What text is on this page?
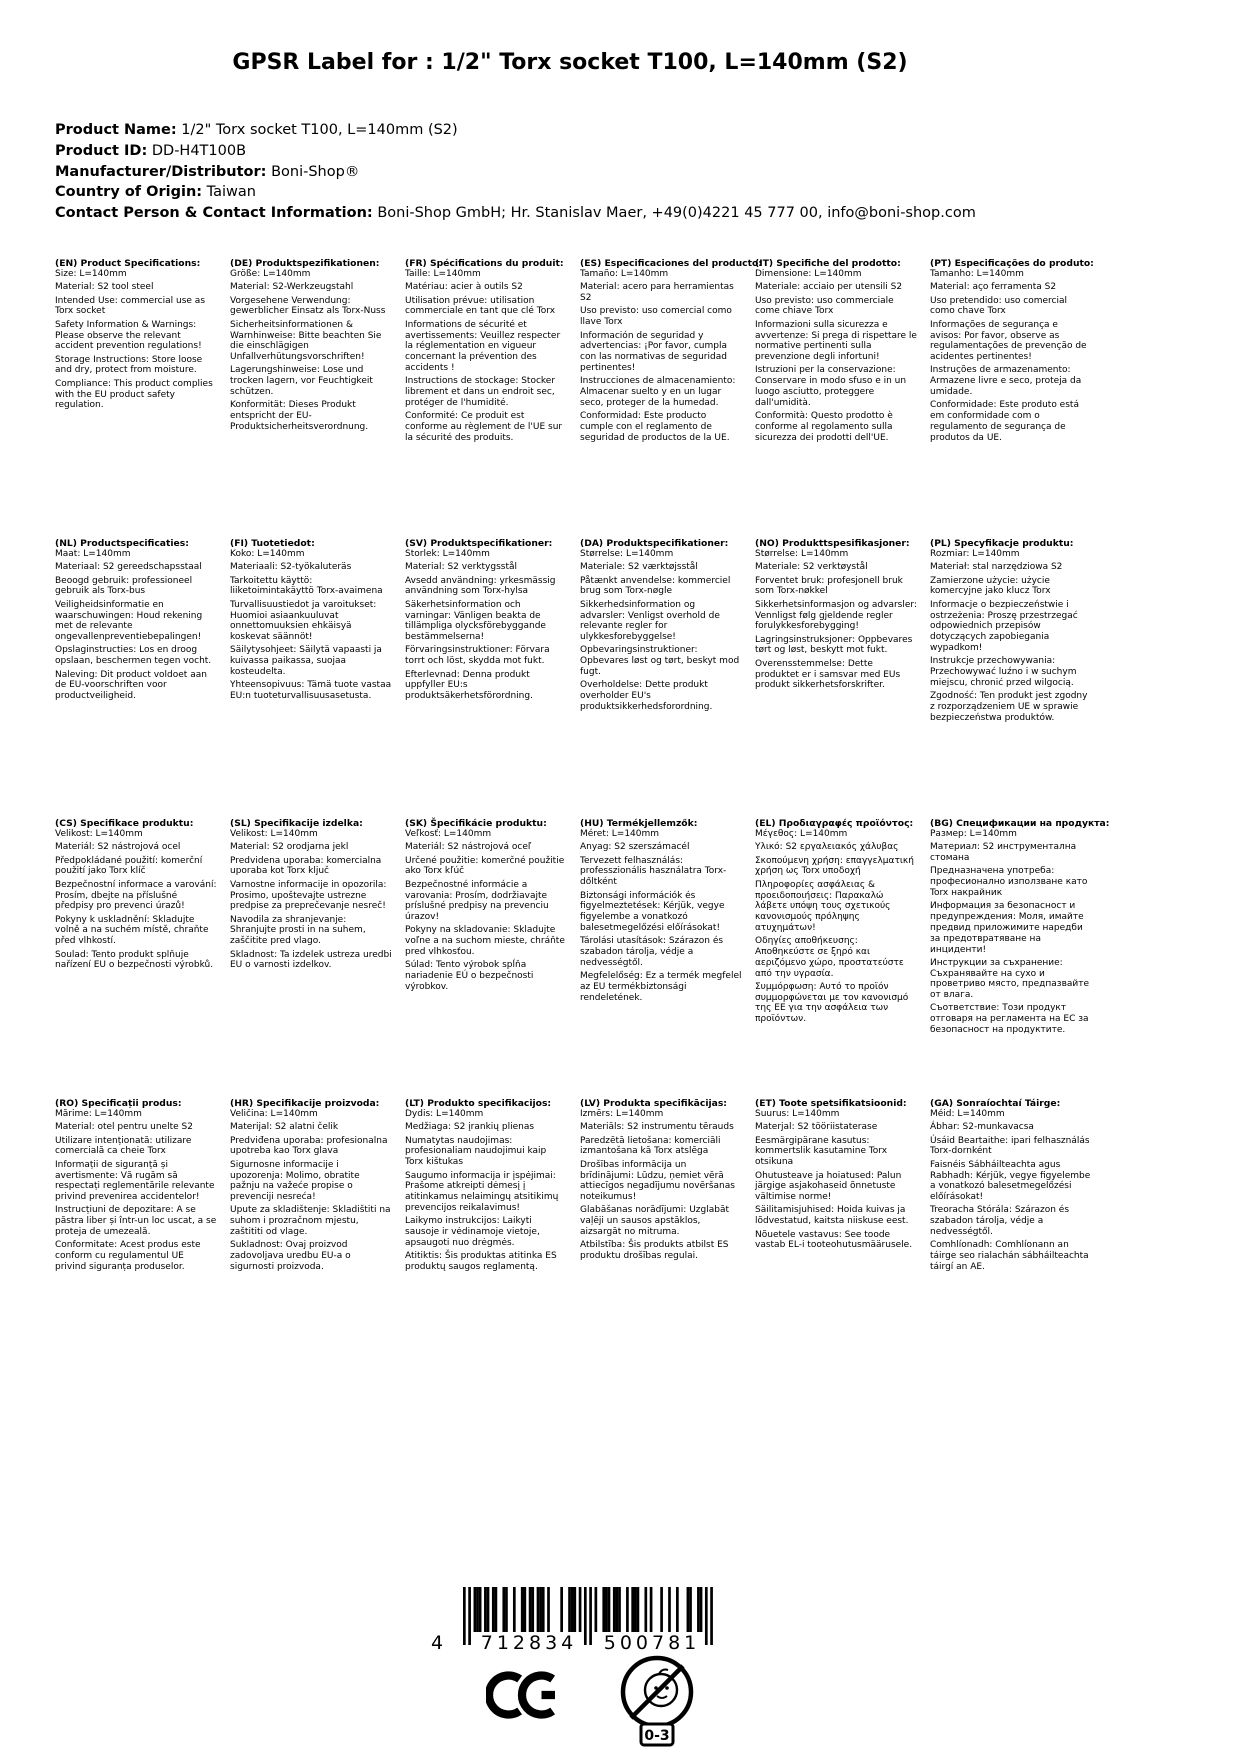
GPSR Label for : 1/2" Torx socket T100, L=140mm (S2)
Product Name: 1/2" Torx socket T100, L=140mm (S2)
Product ID: DD-H4T100B
Manufacturer/Distributor: Boni-Shop®
Country of Origin: Taiwan
Contact Person & Contact Information: Boni-Shop GmbH; Hr. Stanislav Maer, +49(0)4221 45 777 00, info@boni-shop.com
(EN) Product Specifications:

Size: L=140mm

Material: S2 tool steel

Intended Use: commercial use as Torx socket

Safety Information & Warnings: Please observe the relevant accident prevention regulations!

Storage Instructions: Store loose and dry, protect from moisture.

Compliance: This product complies with the EU product safety regulation.

(DE) Produktspezifikationen:

Größe: L=140mm

Material: S2-Werkzeugstahl

Vorgesehene Verwendung: gewerblicher Einsatz als Torx-Nuss

Sicherheitsinformationen & Warnhinweise: Bitte beachten Sie die einschlägigen Unfallverhütungsvorschriften!

Lagerungshinweise: Lose und trocken lagern, vor Feuchtigkeit schützen.

Konformität: Dieses Produkt entspricht der EU-Produktsicherheitsverordnung.

(FR) Spécifications du produit:

Taille: L=140mm

Matériau: acier à outils S2

Utilisation prévue: utilisation commerciale en tant que clé Torx

Informations de sécurité et avertissements: Veuillez respecter la réglementation en vigueur concernant la prévention des accidents !

Instructions de stockage: Stocker librement et dans un endroit sec, protéger de l'humidité.

Conformité: Ce produit est conforme au règlement de l'UE sur la sécurité des produits.

(ES) Especificaciones del producto:

Tamaño: L=140mm

Material: acero para herramientas S2

Uso previsto: uso comercial como llave Torx

Información de seguridad y advertencias: ¡Por favor, cumpla con las normativas de seguridad pertinentes!

Instrucciones de almacenamiento: Almacenar suelto y en un lugar seco, proteger de la humedad.

Conformidad: Este producto cumple con el reglamento de seguridad de productos de la UE.

(IT) Specifiche del prodotto:

Dimensione: L=140mm

Materiale: acciaio per utensili S2

Uso previsto: uso commerciale come chiave Torx

Informazioni sulla sicurezza e avvertenze: Si prega di rispettare le normative pertinenti sulla prevenzione degli infortuni!

Istruzioni per la conservazione: Conservare in modo sfuso e in un luogo asciutto, proteggere dall'umidità.

Conformità: Questo prodotto è conforme al regolamento sulla sicurezza dei prodotti dell'UE.

(PT) Especificações do produto:

Tamanho: L=140mm

Material: aço ferramenta S2

Uso pretendido: uso comercial como chave Torx

Informações de segurança e avisos: Por favor, observe as regulamentações de prevenção de acidentes pertinentes!

Instruções de armazenamento: Armazene livre e seco, proteja da umidade.

Conformidade: Este produto está em conformidade com o regulamento de segurança de produtos da UE.

(NL) Productspecificaties:

Maat: L=140mm

Materiaal: S2 gereedschapsstaal

Beoogd gebruik: professioneel gebruik als Torx-bus

Veiligheidsinformatie en waarschuwingen: Houd rekening met de relevante ongevallenpreventiebepalingen!

Opslaginstructies: Los en droog opslaan, beschermen tegen vocht.

Naleving: Dit product voldoet aan de EU-voorschriften voor productveiligheid.

(FI) Tuotetiedot:

Koko: L=140mm

Materiaali: S2-työkaluteräs

Tarkoitettu käyttö: liiketoimintakäyttö Torx-avaimena

Turvallisuustiedot ja varoitukset: Huomioi asiaankuuluvat onnettomuuksien ehkäisyä koskevat säännöt!

Säilytysohjeet: Säilytä vapaasti ja kuivassa paikassa, suojaa kosteudelta.

Yhteensopivuus: Tämä tuote vastaa EU:n tuoteturvallisuusasetusta.

(SV) Produktspecifikationer:

Storlek: L=140mm

Material: S2 verktygsstål

Avsedd användning: yrkesmässig användning som Torx-hylsa

Säkerhetsinformation och varningar: Vänligen beakta de tillämpliga olycksförebyggande bestämmelserna!

Förvaringsinstruktioner: Förvara torrt och löst, skydda mot fukt.

Efterlevnad: Denna produkt uppfyller EU:s produktsäkerhetsförordning.

(DA) Produktspecifikationer:

Størrelse: L=140mm

Materiale: S2 værktøjsstål

Påtænkt anvendelse: kommerciel brug som Torx-nøgle

Sikkerhedsinformation og advarsler: Venligst overhold de relevante regler for ulykkesforebyggelse!

Opbevaringsinstruktioner: Opbevares løst og tørt, beskyt mod fugt.

Overholdelse: Dette produkt overholder EU's produktsikkerhedsforordning.

(NO) Produkttspesifikasjoner:

Størrelse: L=140mm

Materiale: S2 verktøystål

Forventet bruk: profesjonell bruk som Torx-nøkkel

Sikkerhetsinformasjon og advarsler: Vennligst følg gjeldende regler forulykkesforebygging!

Lagringsinstruksjoner: Oppbevares tørt og løst, beskytt mot fukt.

Overensstemmelse: Dette produktet er i samsvar med EUs produkt sikkerhetsforskrifter.

(PL) Specyfikacje produktu:

Rozmiar: L=140mm

Materiał: stal narzędziowa S2

Zamierzone użycie: użycie komercyjne jako klucz Torx

Informacje o bezpieczeństwie i ostrzeżenia: Proszę przestrzegać odpowiednich przepisów dotyczących zapobiegania wypadkom!

Instrukcje przechowywania: Przechowywać luźno i w suchym miejscu, chronić przed wilgocią.

Zgodność: Ten produkt jest zgodny z rozporządzeniem UE w sprawie bezpieczeństwa produktów.

(CS) Specifikace produktu:

Velikost: L=140mm

Materiál: S2 nástrojová ocel

Předpokládané použití: komerční použití jako Torx klíč

Bezpečnostní informace a varování: Prosím, dbejte na příslušné předpisy pro prevenci úrazů!

Pokyny k uskladnění: Skladujte volně a na suchém místě, chraňte před vlhkostí.

Soulad: Tento produkt splňuje nařízení EU o bezpečnosti výrobků.

(SL) Specifikacije izdelka:

Velikost: L=140mm

Material: S2 orodjarna jekl

Predvidena uporaba: komercialna uporaba kot Torx ključ

Varnostne informacije in opozorila: Prosimo, upoštevajte ustrezne predpise za preprečevanje nesreč!

Navodila za shranjevanje: Shranjujte prosti in na suhem, zaščitite pred vlago.

Skladnost: Ta izdelek ustreza uredbi EU o varnosti izdelkov.

(SK) Špecifikácie produktu:

Veľkosť: L=140mm

Materiál: S2 nástrojová oceľ

Určené použitie: komerčné použitie ako Torx kľúč

Bezpečnostné informácie a varovania: Prosím, dodržiavajte príslušné predpisy na prevenciu úrazov!

Pokyny na skladovanie: Skladujte voľne a na suchom mieste, chráňte pred vlhkosťou.

Súlad: Tento výrobok spĺňa nariadenie EÚ o bezpečnosti výrobkov.

(HU) Termékjellemzők:

Méret: L=140mm

Anyag: S2 szerszámacél

Tervezett felhasználás: professzionális használatra Torx-dőltként

Biztonsági információk és figyelmeztetések: Kérjük, vegye figyelembe a vonatkozó balesetmegelőzési előírásokat!

Tárolási utasítások: Szárazon és szabadon tárolja, védje a nedvességtől.

Megfelelőség: Ez a termék megfelel az EU termékbiztonsági rendeletének.

(EL) Προδιαγραφές προϊόντος:

Μέγεθος: L=140mm

Υλικό: S2 εργαλειακός χάλυβας

Σκοπούμενη χρήση: επαγγελματική χρήση ως Torx υποδοχή

Πληροφορίες ασφάλειας & προειδοποιήσεις: Παρακαλώ λάβετε υπόψη τους σχετικούς κανονισμούς πρόληψης ατυχημάτων!

Οδηγίες αποθήκευσης: Αποθηκεύστε σε ξηρό και αεριζόμενο χώρο, προστατεύστε από την υγρασία.

Συμμόρφωση: Αυτό το προϊόν συμμορφώνεται με τον κανονισμό της ΕΕ για την ασφάλεια των προϊόντων.

(BG) Спецификации на продукта:

Размер: L=140mm

Материал: S2 инструментална стомана

Предназначена употреба: професионално използване като Torx накрайник

Информация за безопасност и предупреждения: Моля, имайте предвид приложимите наредби за предотвратяване на инциденти!

Инструкции за съхранение: Съхранявайте на сухо и проветриво място, предпазвайте от влага.

Съответствие: Този продукт отговаря на регламента на ЕС за безопасност на продуктите.

(RO) Specificații produs:

Mărime: L=140mm

Material: otel pentru unelte S2

Utilizare intenționată: utilizare comercială ca cheie Torx

Informații de siguranță și avertismente: Vă rugăm să respectați reglementările relevante privind prevenirea accidentelor!

Instrucțiuni de depozitare: A se păstra liber și într-un loc uscat, a se proteja de umezeală.

Conformitate: Acest produs este conform cu regulamentul UE privind siguranța produselor.

(HR) Specifikacije proizvoda:

Veličina: L=140mm

Materijal: S2 alatni čelik

Predviđena uporaba: profesionalna upotreba kao Torx glava

Sigurnosne informacije i upozorenja: Molimo, obratite pažnju na važeće propise o prevenciji nesreća!

Upute za skladištenje: Skladištiti na suhom i prozračnom mjestu, zaštititi od vlage.

Sukladnost: Ovaj proizvod zadovoljava uredbu EU-a o sigurnosti proizvoda.

(LT) Produkto specifikacijos:

Dydis: L=140mm

Medžiaga: S2 įrankių plienas

Numatytas naudojimas: profesionaliam naudojimui kaip Torx kištukas

Saugumo informacija ir įspėjimai: Prašome atkreipti dėmesį į atitinkamus nelaimingų atsitikimų prevencijos reikalavimus!

Laikymo instrukcijos: Laikyti sausoje ir vėdinamoje vietoje, apsaugoti nuo drėgmės.

Atitiktis: Šis produktas atitinka ES produktų saugos reglamentą.

(LV) Produkta specifikācijas:

Izmērs: L=140mm

Materiāls: S2 instrumentu tērauds

Paredzētā lietošana: komerciāli izmantošana kā Torx atslēga

Drošības informācija un brīdinājumi: Lūdzu, ņemiet vērā attiecīgos negadījumu novēršanas noteikumus!

Glabāšanas norādījumi: Uzglabāt vaļēji un sausos apstāklos, aizsargāt no mitruma.

Atbilstība: Šis produkts atbilst ES produktu drošības regulai.

(ET) Toote spetsifikatsioonid:

Suurus: L=140mm

Materjal: S2 tööriistaterase

Eesmärgipärane kasutus: kommertslik kasutamine Torx otsikuna

Ohutusteave ja hoiatused: Palun järgige asjakohaseid õnnetuste vältimise norme!

Säilitamisjuhised: Hoida kuivas ja lõdvestatud, kaitsta niiskuse eest.

Nõuetele vastavus: See toode vastab EL-i tooteohutusmäärusele.

(GA) Sonraíochtaí Táirge:

Méid: L=140mm

Ábhar: S2-munkavacsa

Úsáid Beartaithe: ipari felhasználás Torx-dornként

Faisnéis Sábháilteachta agus Rabhadh: Kérjük, vegye figyelembe a vonatkozó balesetmegelőzési előírásokat!

Treoracha Stórála: Szárazon és szabadon tárolja, védje a nedvességtől.

Comhlíonadh: Comhlíonann an táirge seo rialachán sábháilteachta táirgí an AE.

4	712834	500781
0-3
